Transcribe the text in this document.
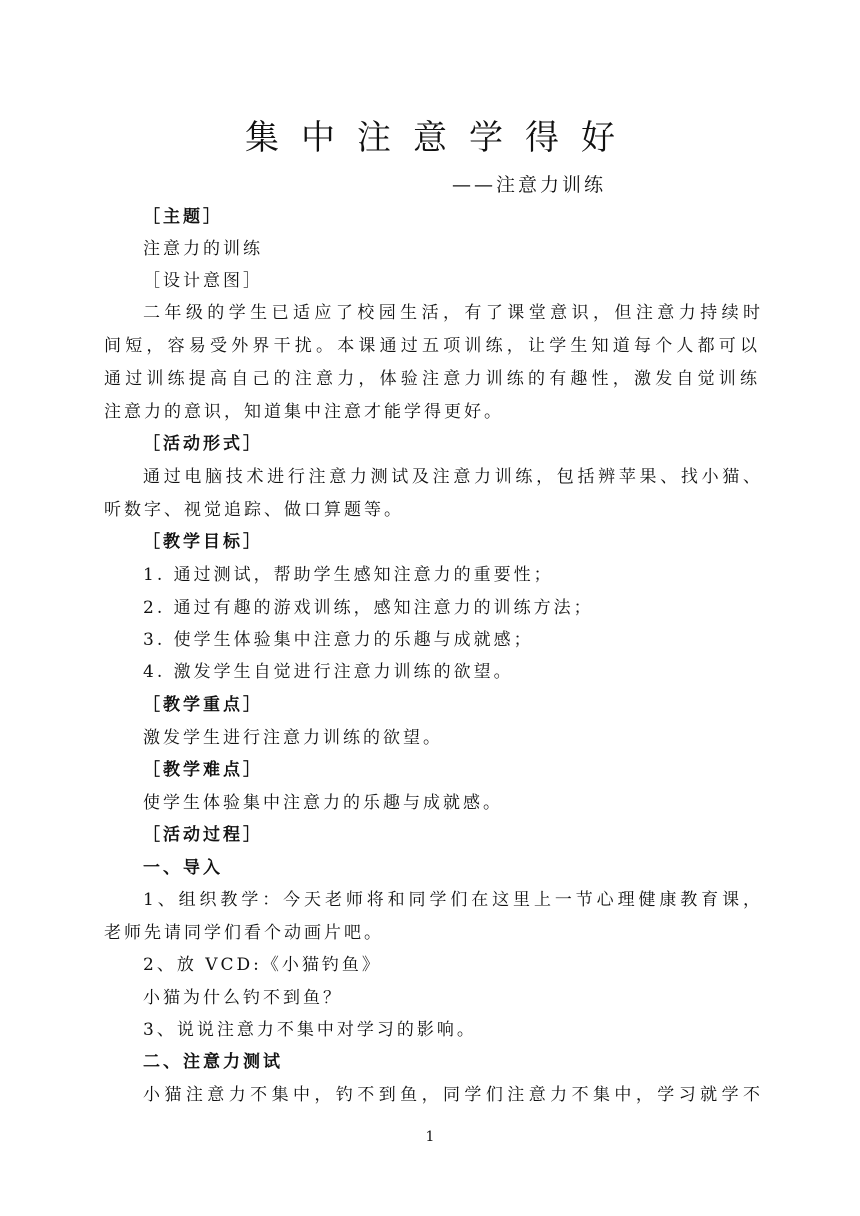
集中注意学得好
——注意力训练
［主题］
注意力的训练
［设计意图］
二年级的学生已适应了校园生活，有了课堂意识，但注意力持续时
间短，容易受外界干扰。本课通过五项训练，让学生知道每个人都可以
通过训练提高自己的注意力，体验注意力训练的有趣性，激发自觉训练
注意力的意识，知道集中注意才能学得更好。
［活动形式］
通过电脑技术进行注意力测试及注意力训练，包括辨苹果、找小猫、
听数字、视觉追踪、做口算题等。
［教学目标］
1. 通过测试，帮助学生感知注意力的重要性；
2. 通过有趣的游戏训练，感知注意力的训练方法；
3. 使学生体验集中注意力的乐趣与成就感；
4. 激发学生自觉进行注意力训练的欲望。
［教学重点］
激发学生进行注意力训练的欲望。
［教学难点］
使学生体验集中注意力的乐趣与成就感。
［活动过程］
一、导入
1、组织教学：今天老师将和同学们在这里上一节心理健康教育课，
老师先请同学们看个动画片吧。
2、放 VCD:《小猫钓鱼》
小猫为什么钓不到鱼？
3、说说注意力不集中对学习的影响。
二、注意力测试
小猫注意力不集中，钓不到鱼，同学们注意力不集中，学习就学不
1
